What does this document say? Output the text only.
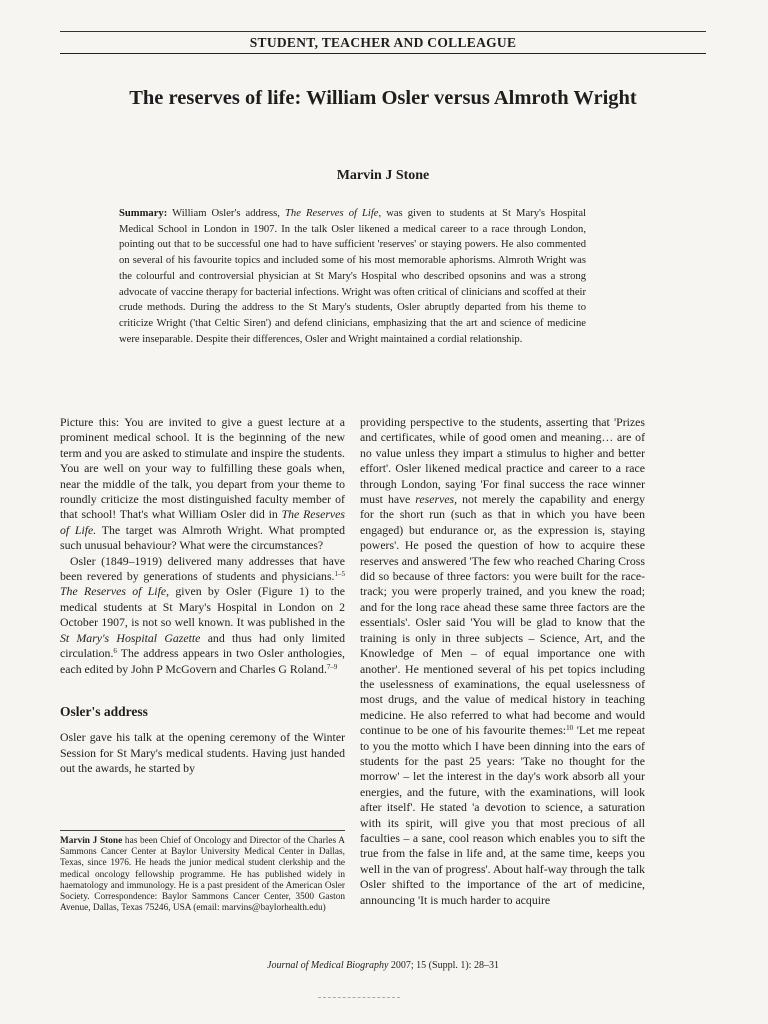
STUDENT, TEACHER AND COLLEAGUE
The reserves of life: William Osler versus Almroth Wright
Marvin J Stone

Summary: William Osler's address, The Reserves of Life, was given to students at St Mary's Hospital Medical School in London in 1907. In the talk Osler likened a medical career to a race through London, pointing out that to be successful one had to have sufficient 'reserves' or staying powers. He also commented on several of his favourite topics and included some of his most memorable aphorisms. Almroth Wright was the colourful and controversial physician at St Mary's Hospital who described opsonins and was a strong advocate of vaccine therapy for bacterial infections. Wright was often critical of clinicians and scoffed at their crude methods. During the address to the St Mary's students, Osler abruptly departed from his theme to criticize Wright ('that Celtic Siren') and defend clinicians, emphasizing that the art and science of medicine were inseparable. Despite their differences, Osler and Wright maintained a cordial relationship.

Picture this: You are invited to give a guest lecture at a prominent medical school. It is the beginning of the new term and you are asked to stimulate and inspire the students. You are well on your way to fulfilling these goals when, near the middle of the talk, you depart from your theme to roundly criticize the most distinguished faculty member of that school! That's what William Osler did in The Reserves of Life. The target was Almroth Wright. What prompted such unusual behaviour? What were the circumstances?

Osler (1849–1919) delivered many addresses that have been revered by generations of students and physicians.$^{1-5}$ The Reserves of Life, given by Osler (Figure 1) to the medical students at St Mary's Hospital in London on 2 October 1907, is not so well known. It was published in the St Mary's Hospital Gazette and thus had only limited circulation.$^6$ The address appears in two Osler anthologies, each edited by John P McGovern and Charles G Roland.$^{7-9}$

Osler's address

Osler gave his talk at the opening ceremony of the Winter Session for St Mary's medical students. Having just handed out the awards, he started by

Marvin J Stone has been Chief of Oncology and Director of the Charles A Sammons Cancer Center at Baylor University Medical Center in Dallas, Texas, since 1976. He heads the junior medical student clerkship and the medical oncology fellowship programme. He has published widely in haematology and immunology. He is a past president of the American Osler Society. Correspondence: Baylor Sammons Cancer Center, 3500 Gaston Avenue, Dallas, Texas 75246, USA (email: marvins@baylorhealth.edu)

providing perspective to the students, asserting that 'Prizes and certificates, while of good omen and meaning… are of no value unless they impart a stimulus to higher and better effort'. Osler likened medical practice and career to a race through London, saying 'For final success the race winner must have reserves, not merely the capability and energy for the short run (such as that in which you have been engaged) but endurance or, as the expression is, staying powers'. He posed the question of how to acquire these reserves and answered 'The few who reached Charing Cross did so because of three factors: you were built for the race-track; you were properly trained, and you knew the road; and for the long race ahead these same three factors are the essentials'. Osler said 'You will be glad to know that the training is only in three subjects – Science, Art, and the Knowledge of Men – of equal importance one with another'. He mentioned several of his pet topics including the uselessness of examinations, the equal uselessness of most drugs, and the value of medical history in teaching medicine. He also referred to what had become and would continue to be one of his favourite themes:$^{10}$ 'Let me repeat to you the motto which I have been dinning into the ears of students for the past 25 years: 'Take no thought for the morrow' – let the interest in the day's work absorb all your energies, and the future, with the examinations, will look after itself'. He stated 'a devotion to science, a saturation with its spirit, will give you that most precious of all faculties – a sane, cool reason which enables you to sift the true from the false in life and, at the same time, keeps you well in the van of progress'. About half-way through the talk Osler shifted to the importance of the art of medicine, announcing 'It is much harder to acquire

Journal of Medical Biography 2007; 15 (Suppl. 1): 28–31
